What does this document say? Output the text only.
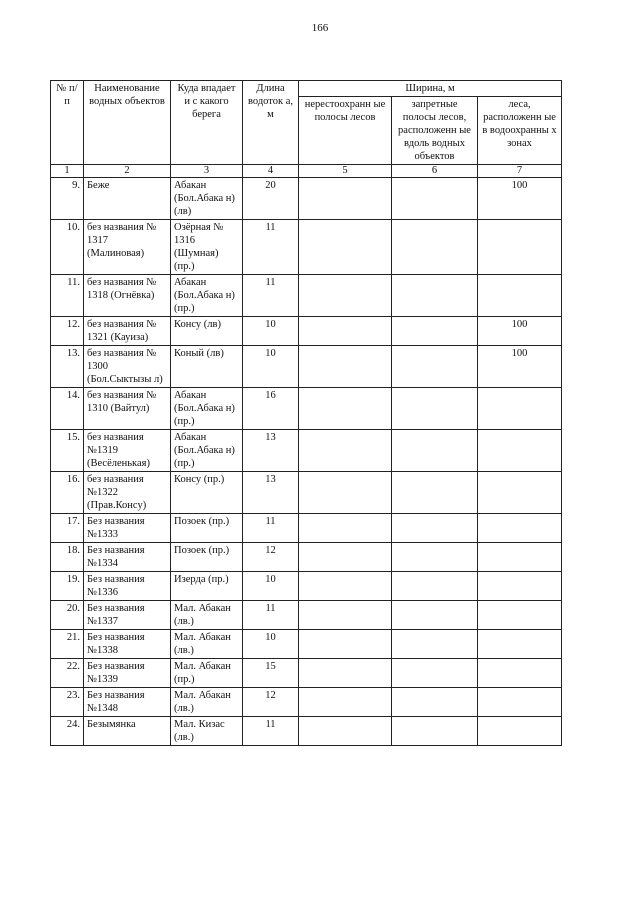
166
№ п/п	Наименование водных объектов	Куда впадает и с какого берега	Длина водоток а, м	Ширина, м		
				нерестоохранн ые полосы лесов	запретные полосы лесов, расположенн ые вдоль водных объектов	леса, расположенн ые в водоохранны х зонах
1	2	3	4	5	6	7
9.	Беже	Абакан (Бол.Абака н) (лв)	20			100
10.	без названия № 1317 (Малиновая)	Озёрная № 1316 (Шумная) (пр.)	11			
11.	без названия № 1318 (Огнёвка)	Абакан (Бол.Абака н) (пр.)	11			
12.	без названия № 1321 (Кауиза)	Консу (лв)	10			100
13.	без названия № 1300 (Бол.Сыктызы л)	Коный (лв)	10			100
14.	без названия № 1310 (Вайтул)	Абакан (Бол.Абака н) (пр.)	16			
15.	без названия №1319 (Весёленькая)	Абакан (Бол.Абака н) (пр.)	13			
16.	без названия №1322 (Прав.Консу)	Консу (пр.)	13			
17.	Без названия №1333	Позоек (пр.)	11			
18.	Без названия №1334	Позоек (пр.)	12			
19.	Без названия №1336	Изерда (пр.)	10			
20.	Без названия №1337	Мал. Абакан (лв.)	11			
21.	Без названия №1338	Мал. Абакан (лв.)	10			
22.	Без названия №1339	Мал. Абакан (пр.)	15			
23.	Без названия №1348	Мал. Абакан (лв.)	12			
24.	Безымянка	Мал. Кизас (лв.)	11			
